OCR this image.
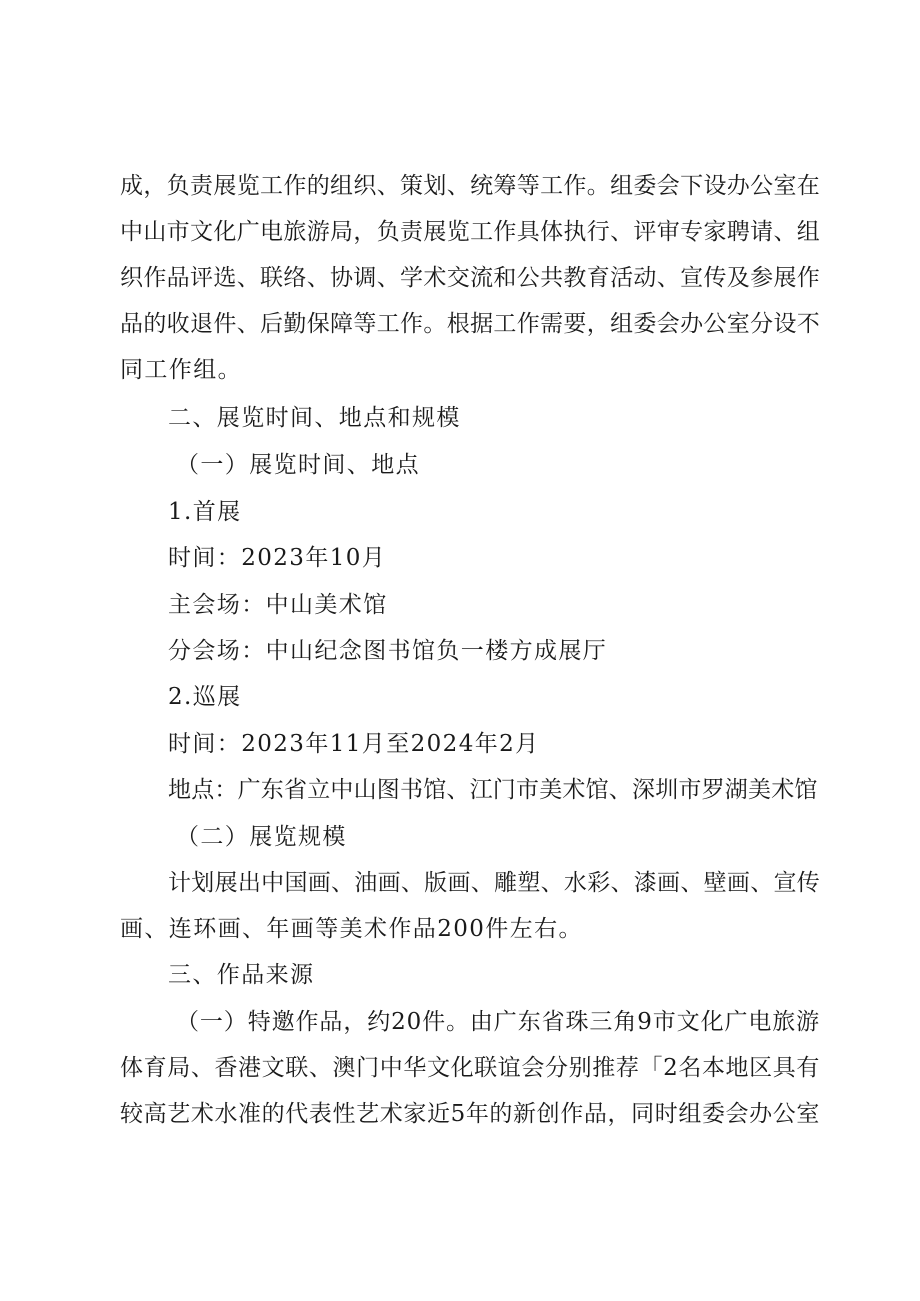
成，负责展览工作的组织、策划、统筹等工作。组委会下设办公室在
中山市文化广电旅游局，负责展览工作具体执行、评审专家聘请、组
织作品评选、联络、协调、学术交流和公共教育活动、宣传及参展作
品的收退件、后勤保障等工作。根据工作需要，组委会办公室分设不
同工作组。
二、展览时间、地点和规模
（一）展览时间、地点
1.首展
时间：2023年10月
主会场：中山美术馆
分会场：中山纪念图书馆负一楼方成展厅
2.巡展
时间：2023年11月至2024年2月
地点：广东省立中山图书馆、江门市美术馆、深圳市罗湖美术馆
（二）展览规模
计划展出中国画、油画、版画、雕塑、水彩、漆画、壁画、宣传
画、连环画、年画等美术作品200件左右。
三、作品来源
（一）特邀作品，约20件。由广东省珠三角9市文化广电旅游
体育局、香港文联、澳门中华文化联谊会分别推荐「2名本地区具有
较高艺术水准的代表性艺术家近5年的新创作品，同时组委会办公室
